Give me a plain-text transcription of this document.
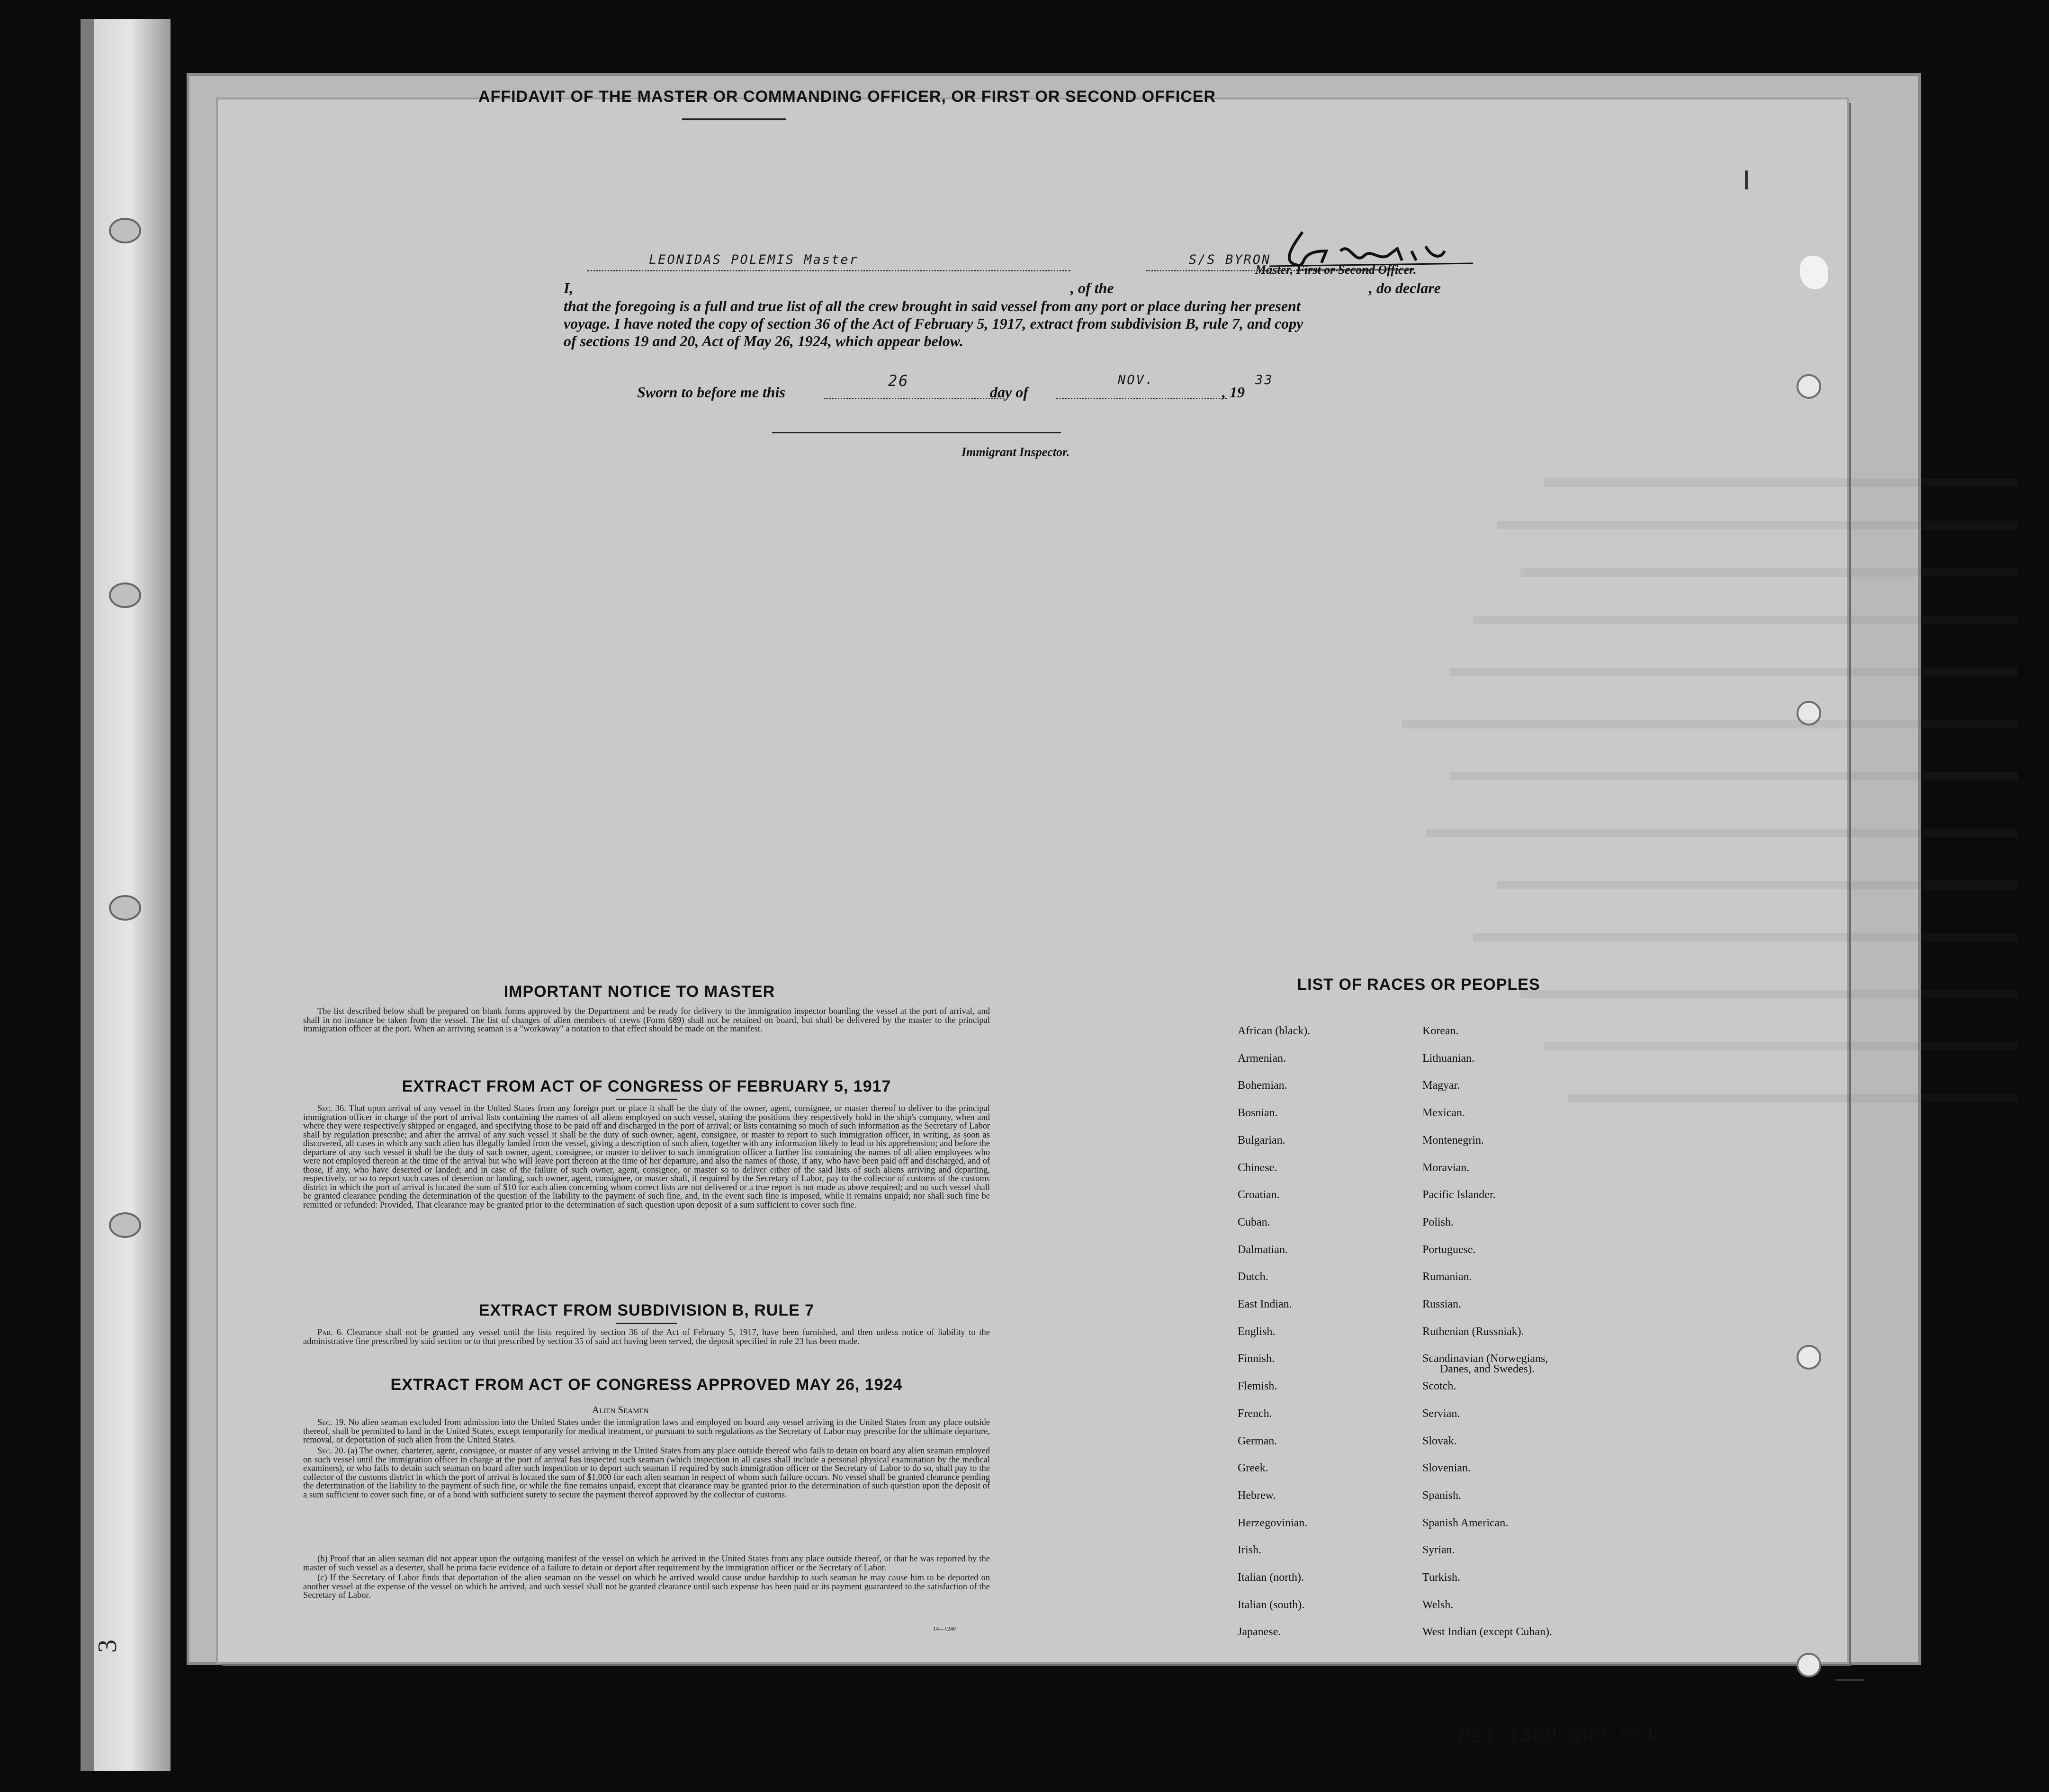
3
AFFIDAVIT OF THE MASTER OR COMMANDING OFFICER, OR FIRST OR SECOND OFFICER
I,
LEONIDAS POLEMIS Master
, of the
S/S BYRON
, do declare
that the foregoing is a full and true list of all the crew brought in said vessel from any port or place during her present
voyage. I have noted the copy of section 36 of the Act of February 5, 1917, extract from subdivision B, rule 7, and copy
of sections 19 and 20, Act of May 26, 1924, which appear below.
Master, First or Second Officer.
Sworn to before me this
26
day of
NOV.
, 19
33
Immigrant Inspector.
IMPORTANT NOTICE TO MASTER
The list described below shall be prepared on blank forms approved by the Department and be ready for delivery to the immigration inspector boarding the vessel at the port of arrival, and shall in no instance be taken from the vessel. The list of changes of alien members of crews (Form 689) shall not be retained on board, but shall be delivered by the master to the principal immigration officer at the port. When an arriving seaman is a "workaway" a notation to that effect should be made on the manifest.
EXTRACT FROM ACT OF CONGRESS OF FEBRUARY 5, 1917
Sec. 36. That upon arrival of any vessel in the United States from any foreign port or place it shall be the duty of the owner, agent, consignee, or master thereof to deliver to the principal immigration officer in charge of the port of arrival lists containing the names of all aliens employed on such vessel, stating the positions they respectively hold in the ship's company, when and where they were respectively shipped or engaged, and specifying those to be paid off and discharged in the port of arrival; or lists containing so much of such information as the Secretary of Labor shall by regulation prescribe; and after the arrival of any such vessel it shall be the duty of such owner, agent, consignee, or master to report to such immigration officer, in writing, as soon as discovered, all cases in which any such alien has illegally landed from the vessel, giving a description of such alien, together with any information likely to lead to his apprehension; and before the departure of any such vessel it shall be the duty of such owner, agent, consignee, or master to deliver to such immigration officer a further list containing the names of all alien employees who were not employed thereon at the time of the arrival but who will leave port thereon at the time of her departure, and also the names of those, if any, who have been paid off and discharged, and of those, if any, who have deserted or landed; and in case of the failure of such owner, agent, consignee, or master so to deliver either of the said lists of such aliens arriving and departing, respectively, or so to report such cases of desertion or landing, such owner, agent, consignee, or master shall, if required by the Secretary of Labor, pay to the collector of customs of the customs district in which the port of arrival is located the sum of $10 for each alien concerning whom correct lists are not delivered or a true report is not made as above required; and no such vessel shall be granted clearance pending the determination of the question of the liability to the payment of such fine, and, in the event such fine is imposed, while it remains unpaid; nor shall such fine be remitted or refunded: Provided, That clearance may be granted prior to the determination of such question upon deposit of a sum sufficient to cover such fine.
EXTRACT FROM SUBDIVISION B, RULE 7
Par. 6. Clearance shall not be granted any vessel until the lists required by section 36 of the Act of February 5, 1917, have been furnished, and then unless notice of liability to the administrative fine prescribed by said section or to that prescribed by section 35 of said act having been served, the deposit specified in rule 23 has been made.
EXTRACT FROM ACT OF CONGRESS APPROVED MAY 26, 1924
Alien Seamen
Sec. 19. No alien seaman excluded from admission into the United States under the immigration laws and employed on board any vessel arriving in the United States from any place outside thereof, shall be permitted to land in the United States, except temporarily for medical treatment, or pursuant to such regulations as the Secretary of Labor may prescribe for the ultimate departure, removal, or deportation of such alien from the United States.
Sec. 20. (a) The owner, charterer, agent, consignee, or master of any vessel arriving in the United States from any place outside thereof who fails to detain on board any alien seaman employed on such vessel until the immigration officer in charge at the port of arrival has inspected such seaman (which inspection in all cases shall include a personal physical examination by the medical examiners), or who fails to detain such seaman on board after such inspection or to deport such seaman if required by such immigration officer or the Secretary of Labor to do so, shall pay to the collector of the customs district in which the port of arrival is located the sum of $1,000 for each alien seaman in respect of whom such failure occurs. No vessel shall be granted clearance pending the determination of the liability to the payment of such fine, or while the fine remains unpaid, except that clearance may be granted prior to the determination of such question upon the deposit of a sum sufficient to cover such fine, or of a bond with sufficient surety to secure the payment thereof approved by the collector of customs.
(b) Proof that an alien seaman did not appear upon the outgoing manifest of the vessel on which he arrived in the United States from any place outside thereof, or that he was reported by the master of such vessel as a deserter, shall be prima facie evidence of a failure to detain or deport after requirement by the immigration officer or the Secretary of Labor.
(c) If the Secretary of Labor finds that deportation of the alien seaman on the vessel on which he arrived would cause undue hardship to such seaman he may cause him to be deported on another vessel at the expense of the vessel on which he arrived, and such vessel shall not be granted clearance until such expense has been paid or its payment guaranteed to the satisfaction of the Secretary of Labor.
14—1240
LIST OF RACES OR PEOPLES
African (black).
Armenian.
Bohemian.
Bosnian.
Bulgarian.
Chinese.
Croatian.
Cuban.
Dalmatian.
Dutch.
East Indian.
English.
Finnish.
Flemish.
French.
German.
Greek.
Hebrew.
Herzegovinian.
Irish.
Italian (north).
Italian (south).
Japanese.
Korean.
Lithuanian.
Magyar.
Mexican.
Montenegrin.
Moravian.
Pacific Islander.
Polish.
Portuguese.
Rumanian.
Russian.
Ruthenian (Russniak).
Scandinavian (Norwegians,
Scotch.
Servian.
Slovak.
Slovenian.
Spanish.
Spanish American.
Syrian.
Turkish.
Welsh.
West Indian (except Cuban).
Danes, and Swedes).
Pel $300 gnd 5/1
